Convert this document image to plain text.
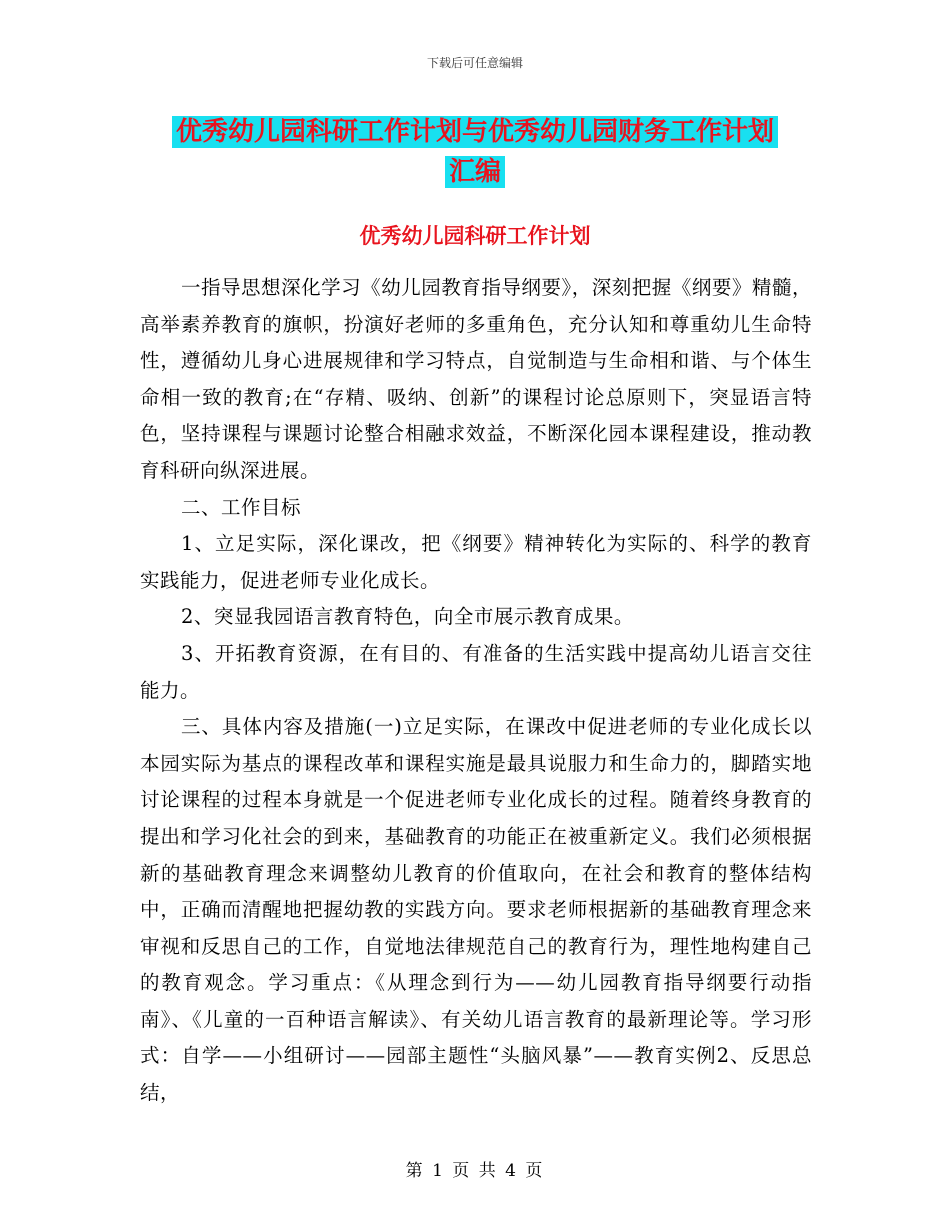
下载后可任意编辑
优秀幼儿园科研工作计划与优秀幼儿园财务工作计划
汇编
优秀幼儿园科研工作计划

一指导思想深化学习《幼儿园教育指导纲要》，深刻把握《纲要》精髓，高举素养教育的旗帜，扮演好老师的多重角色，充分认知和尊重幼儿生命特性，遵循幼儿身心进展规律和学习特点，自觉制造与生命相和谐、与个体生命相一致的教育;在“存精、吸纳、创新”的课程讨论总原则下，突显语言特色，坚持课程与课题讨论整合相融求效益，不断深化园本课程建设，推动教育科研向纵深进展。

二、工作目标

1、立足实际，深化课改，把《纲要》精神转化为实际的、科学的教育实践能力，促进老师专业化成长。

2、突显我园语言教育特色，向全市展示教育成果。

3、开拓教育资源，在有目的、有准备的生活实践中提高幼儿语言交往能力。

三、具体内容及措施(一)立足实际，在课改中促进老师的专业化成长以本园实际为基点的课程改革和课程实施是最具说服力和生命力的，脚踏实地讨论课程的过程本身就是一个促进老师专业化成长的过程。随着终身教育的提出和学习化社会的到来，基础教育的功能正在被重新定义。我们必须根据新的基础教育理念来调整幼儿教育的价值取向，在社会和教育的整体结构中，正确而清醒地把握幼教的实践方向。要求老师根据新的基础教育理念来审视和反思自己的工作，自觉地法律规范自己的教育行为，理性地构建自己的教育观念。学习重点：《从理念到行为——幼儿园教育指导纲要行动指南》、《儿童的一百种语言解读》、有关幼儿语言教育的最新理论等。学习形式：自学——小组研讨——园部主题性“头脑风暴”——教育实例2、反思总结，

第 1 页 共 4 页
